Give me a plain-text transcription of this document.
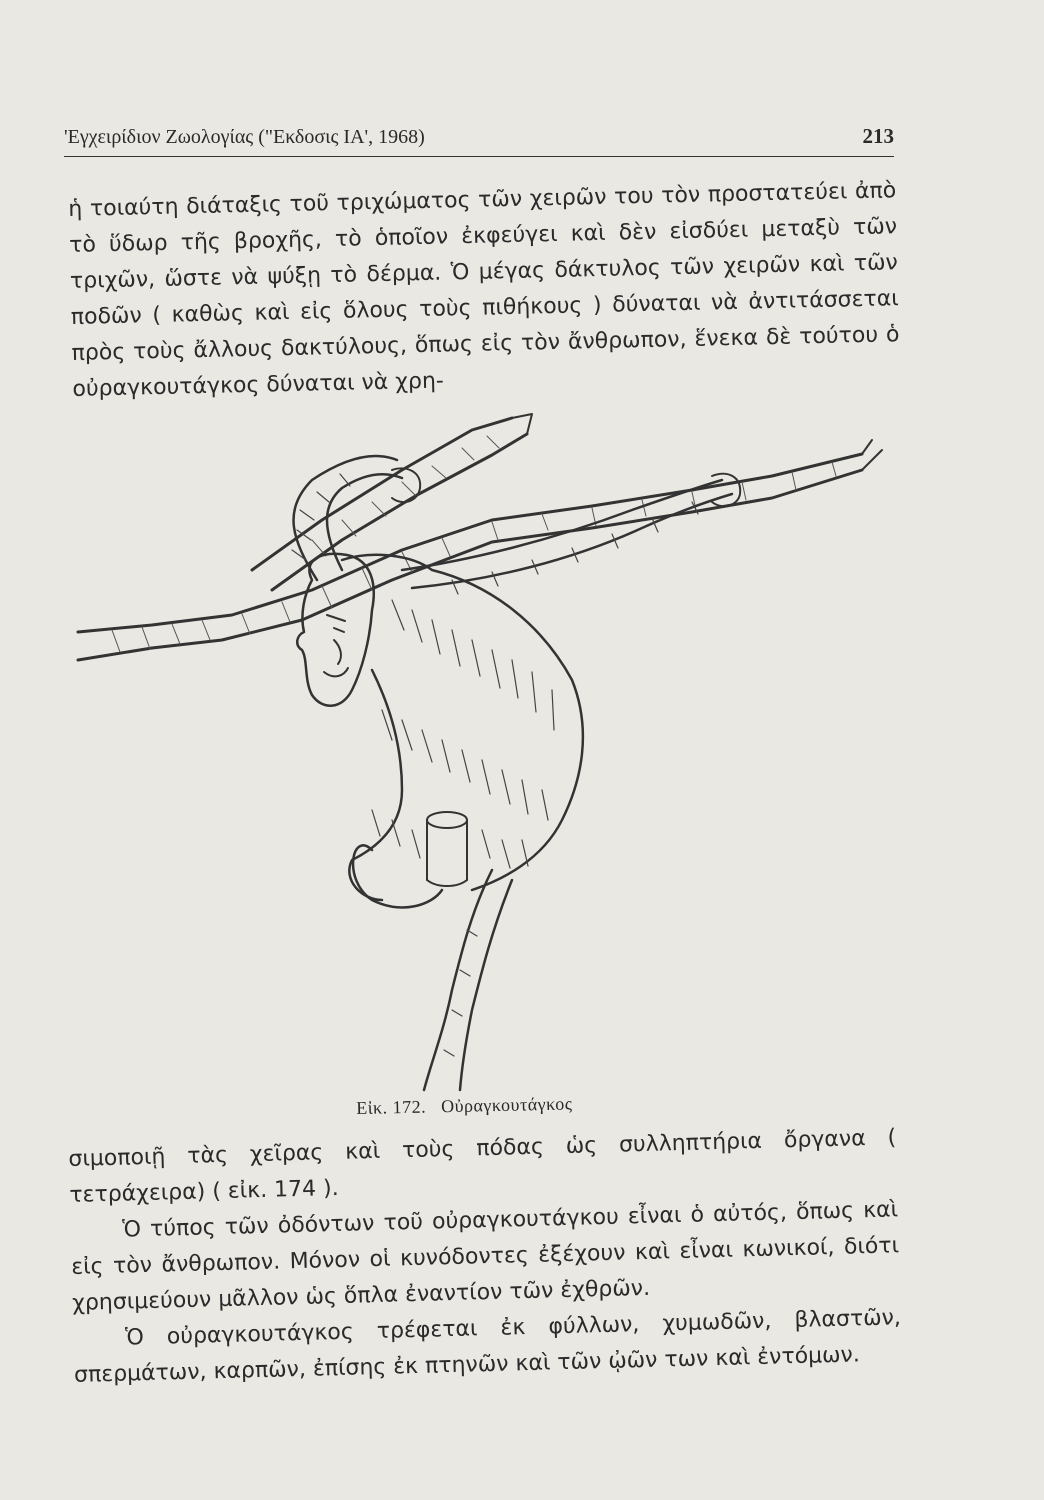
'Εγχειρίδιον Ζωολογίας ("Εκδοσις ΙΑ', 1968)	213

ἡ τοιαύτη διάταξις τοῦ τριχώματος τῶν χειρῶν του τὸν προστατεύει ἀπὸ τὸ ὕδωρ τῆς βροχῆς, τὸ ὁποῖον ἐκφεύγει καὶ δὲν εἰσδύει μεταξὺ τῶν τριχῶν, ὥστε νὰ ψύξῃ τὸ δέρμα. Ὁ μέγας δάκτυλος τῶν χειρῶν καὶ τῶν ποδῶν ( καθὼς καὶ εἰς ὅλους τοὺς πιθήκους ) δύναται νὰ ἀντιτάσσεται πρὸς τοὺς ἄλλους δακτύλους, ὅπως εἰς τὸν ἄνθρωπον, ἕνεκα δὲ τούτου ὁ οὐραγκουτάγκος δύναται νὰ χρη-

Εἰκ. 172. Οὐραγκουτάγκος

σιμοποιῇ τὰς χεῖρας καὶ τοὺς πόδας ὡς συλληπτήρια ὄργανα ( τετράχειρα) ( εἰκ. 174 ).

Ὁ τύπος τῶν ὀδόντων τοῦ οὐραγκουτάγκου εἶναι ὁ αὐτός, ὅπως καὶ εἰς τὸν ἄνθρωπον. Μόνον οἱ κυνόδοντες ἐξέχουν καὶ εἶναι κωνικοί, διότι χρησιμεύουν μᾶλλον ὡς ὅπλα ἐναντίον τῶν ἐχθρῶν.

Ὁ οὐραγκουτάγκος τρέφεται ἐκ φύλλων, χυμωδῶν, βλαστῶν, σπερμάτων, καρπῶν, ἐπίσης ἐκ πτηνῶν καὶ τῶν ᾠῶν των καὶ ἐντόμων.
